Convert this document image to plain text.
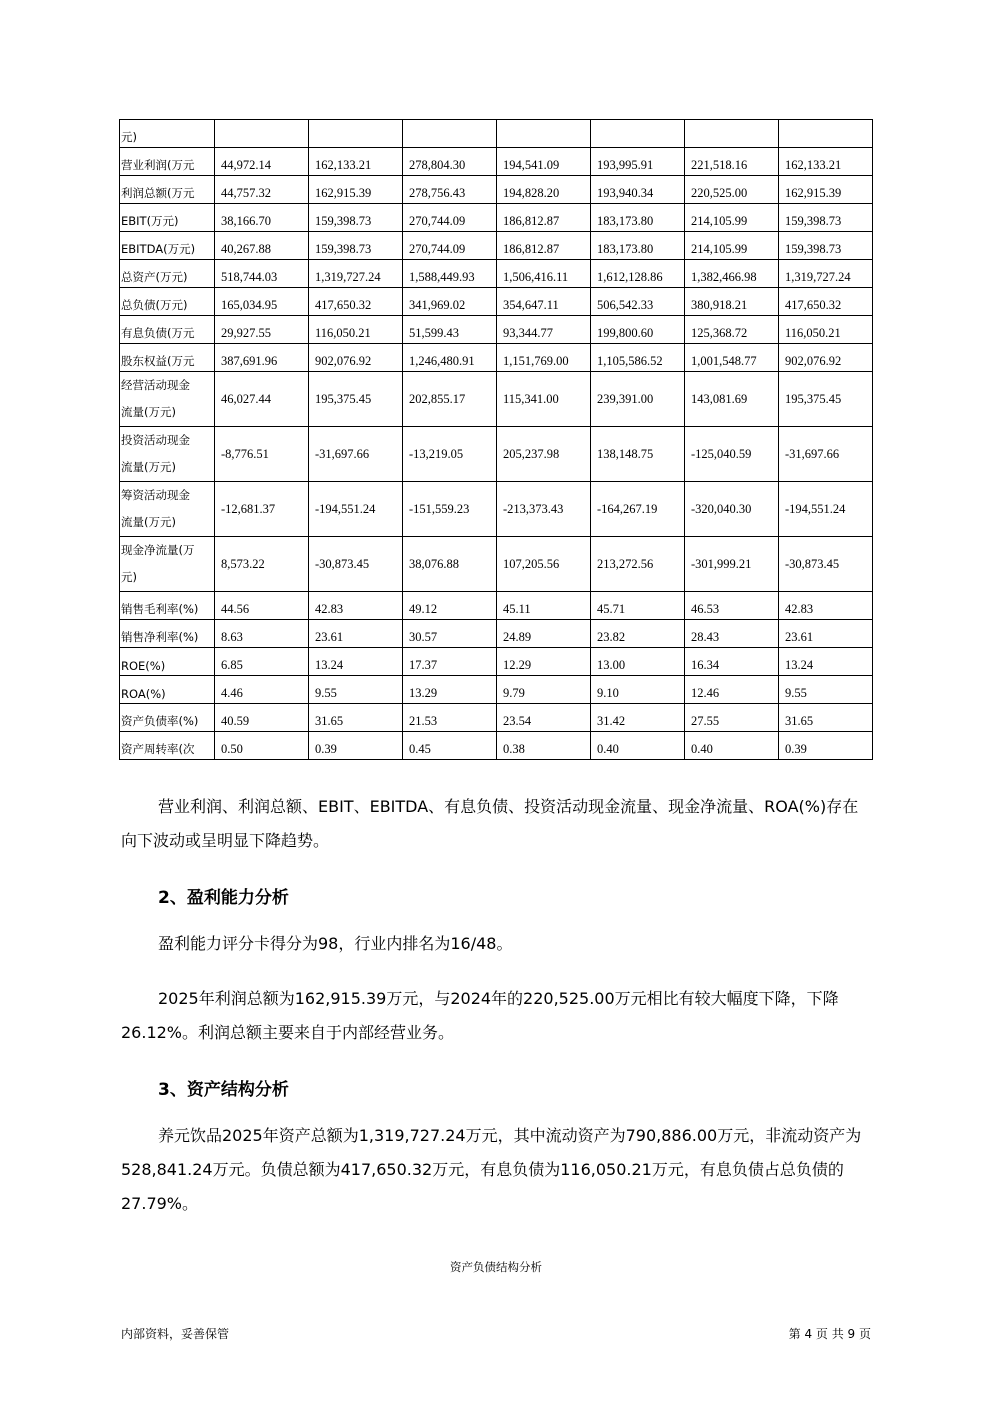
元)							
营业利润(万元	44,972.14	162,133.21	278,804.30	194,541.09	193,995.91	221,518.16	162,133.21
利润总额(万元	44,757.32	162,915.39	278,756.43	194,828.20	193,940.34	220,525.00	162,915.39
EBIT(万元)	38,166.70	159,398.73	270,744.09	186,812.87	183,173.80	214,105.99	159,398.73
EBITDA(万元)	40,267.88	159,398.73	270,744.09	186,812.87	183,173.80	214,105.99	159,398.73
总资产(万元)	518,744.03	1,319,727.24	1,588,449.93	1,506,416.11	1,612,128.86	1,382,466.98	1,319,727.24
总负债(万元)	165,034.95	417,650.32	341,969.02	354,647.11	506,542.33	380,918.21	417,650.32
有息负债(万元	29,927.55	116,050.21	51,599.43	93,344.77	199,800.60	125,368.72	116,050.21
股东权益(万元	387,691.96	902,076.92	1,246,480.91	1,151,769.00	1,105,586.52	1,001,548.77	902,076.92

经营活动现金
流量(万元)	46,027.44	195,375.45	202,855.17	115,341.00	239,391.00	143,081.69	195,375.45

投资活动现金
流量(万元)	-8,776.51	-31,697.66	-13,219.05	205,237.98	138,148.75	-125,040.59	-31,697.66

筹资活动现金
流量(万元)	-12,681.37	-194,551.24	-151,559.23	-213,373.43	-164,267.19	-320,040.30	-194,551.24

现金净流量(万
元)	8,573.22	-30,873.45	38,076.88	107,205.56	213,272.56	-301,999.21	-30,873.45
销售毛利率(%)	44.56	42.83	49.12	45.11	45.71	46.53	42.83
销售净利率(%)	8.63	23.61	30.57	24.89	23.82	28.43	23.61
ROE(%)	6.85	13.24	17.37	12.29	13.00	16.34	13.24
ROA(%)	4.46	9.55	13.29	9.79	9.10	12.46	9.55
资产负债率(%)	40.59	31.65	21.53	23.54	31.42	27.55	31.65
资产周转率(次	0.50	0.39	0.45	0.38	0.40	0.40	0.39

营业利润、利润总额、EBIT、EBITDA、有息负债、投资活动现金流量、现金净流量、ROA(%)存在向下波动或呈明显下降趋势。

2、盈利能力分析

盈利能力评分卡得分为98，行业内排名为16/48。

2025年利润总额为162,915.39万元，与2024年的220,525.00万元相比有较大幅度下降，下降26.12%。利润总额主要来自于内部经营业务。

3、资产结构分析

养元饮品2025年资产总额为1,319,727.24万元，其中流动资产为790,886.00万元，非流动资产为528,841.24万元。负债总额为417,650.32万元，有息负债为116,050.21万元，有息负债占总负债的27.79%。

资产负债结构分析
内部资料，妥善保管	第 4 页 共 9 页
